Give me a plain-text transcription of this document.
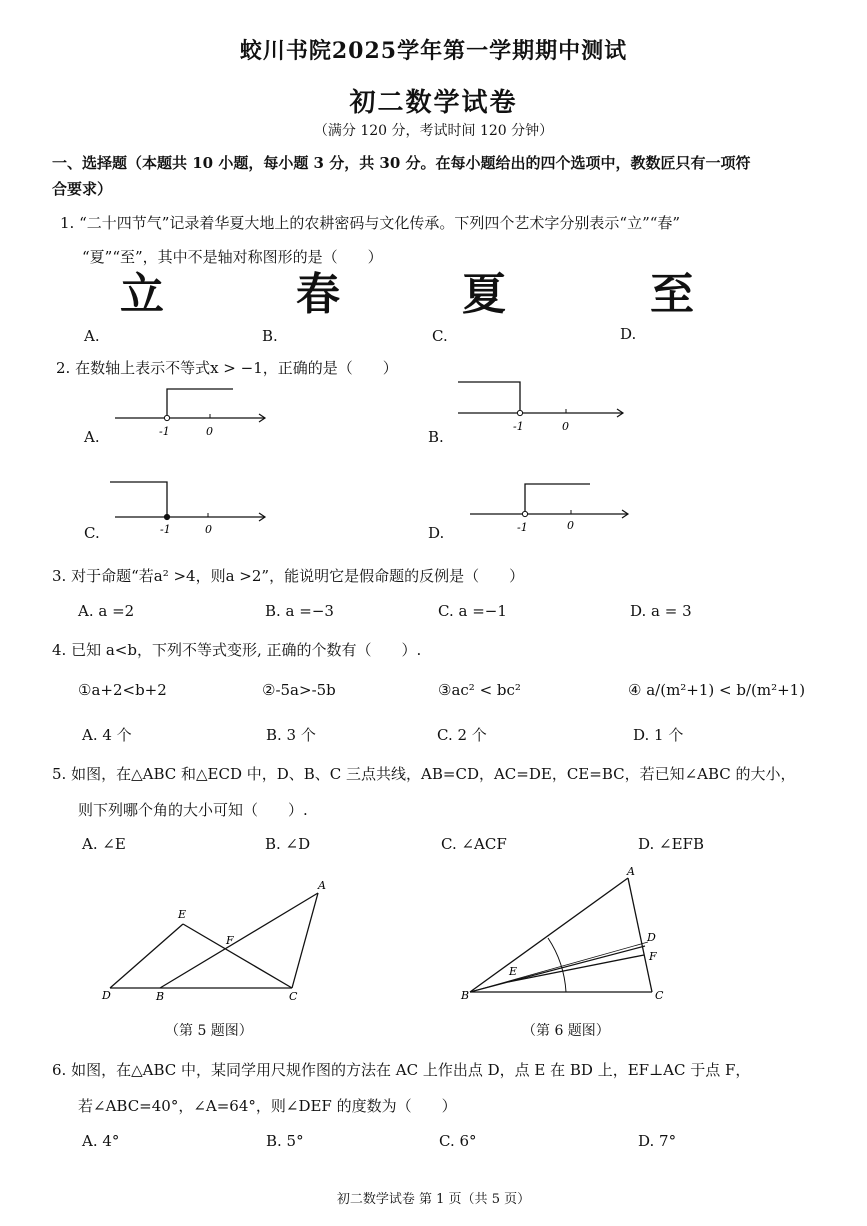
蛟川书院2025学年第一学期期中测试
初二数学试卷
（满分 120 分，考试时间 120 分钟）
一、选择题（本题共 10 小题，每小题 3 分，共 30 分。在每小题给出的四个选项中，教数匠只有一项符
合要求）
1. “二十四节气”记录着华夏大地上的农耕密码与文化传承。下列四个艺术字分别表示“立”“春”
“夏”“至”，其中不是轴对称图形的是（　　）
立	春	夏	至
A.	B.	C.	D.
2. 在数轴上表示不等式x > −1，正确的是（　　）
A.	-1	0	B.
-1	0
C.	-1	0	D.	-1	0
3. 对于命题“若a² >4，则a >2”，能说明它是假命题的反例是（　　）
A. a =2	B. a =−3	C. a =−1	D. a = 3
4. 已知 a<b，下列不等式变形, 正确的个数有（　　）.
①a+2<b+2	②-5a>-5b	③ac² < bc²	④ a/(m²+1) < b/(m²+1)
A. 4 个	B. 3 个	C. 2 个	D. 1 个
5. 如图，在△ABC 和△ECD 中，D、B、C 三点共线，AB=CD，AC=DE，CE=BC，若已知∠ABC 的大小，
则下列哪个角的大小可知（　　）.
A. ∠E	B. ∠D	C. ∠ACF	D. ∠EFB
A
B	C
D
E
F
A
B	C
D
E
F
（第 5 题图）	（第 6 题图）
6. 如图，在△ABC 中，某同学用尺规作图的方法在 AC 上作出点 D，点 E 在 BD 上，EF⊥AC 于点 F，
若∠ABC=40°，∠A=64°，则∠DEF 的度数为（　　）
A. 4°	B. 5°	C. 6°	D. 7°
初二数学试卷 第 1 页（共 5 页）
